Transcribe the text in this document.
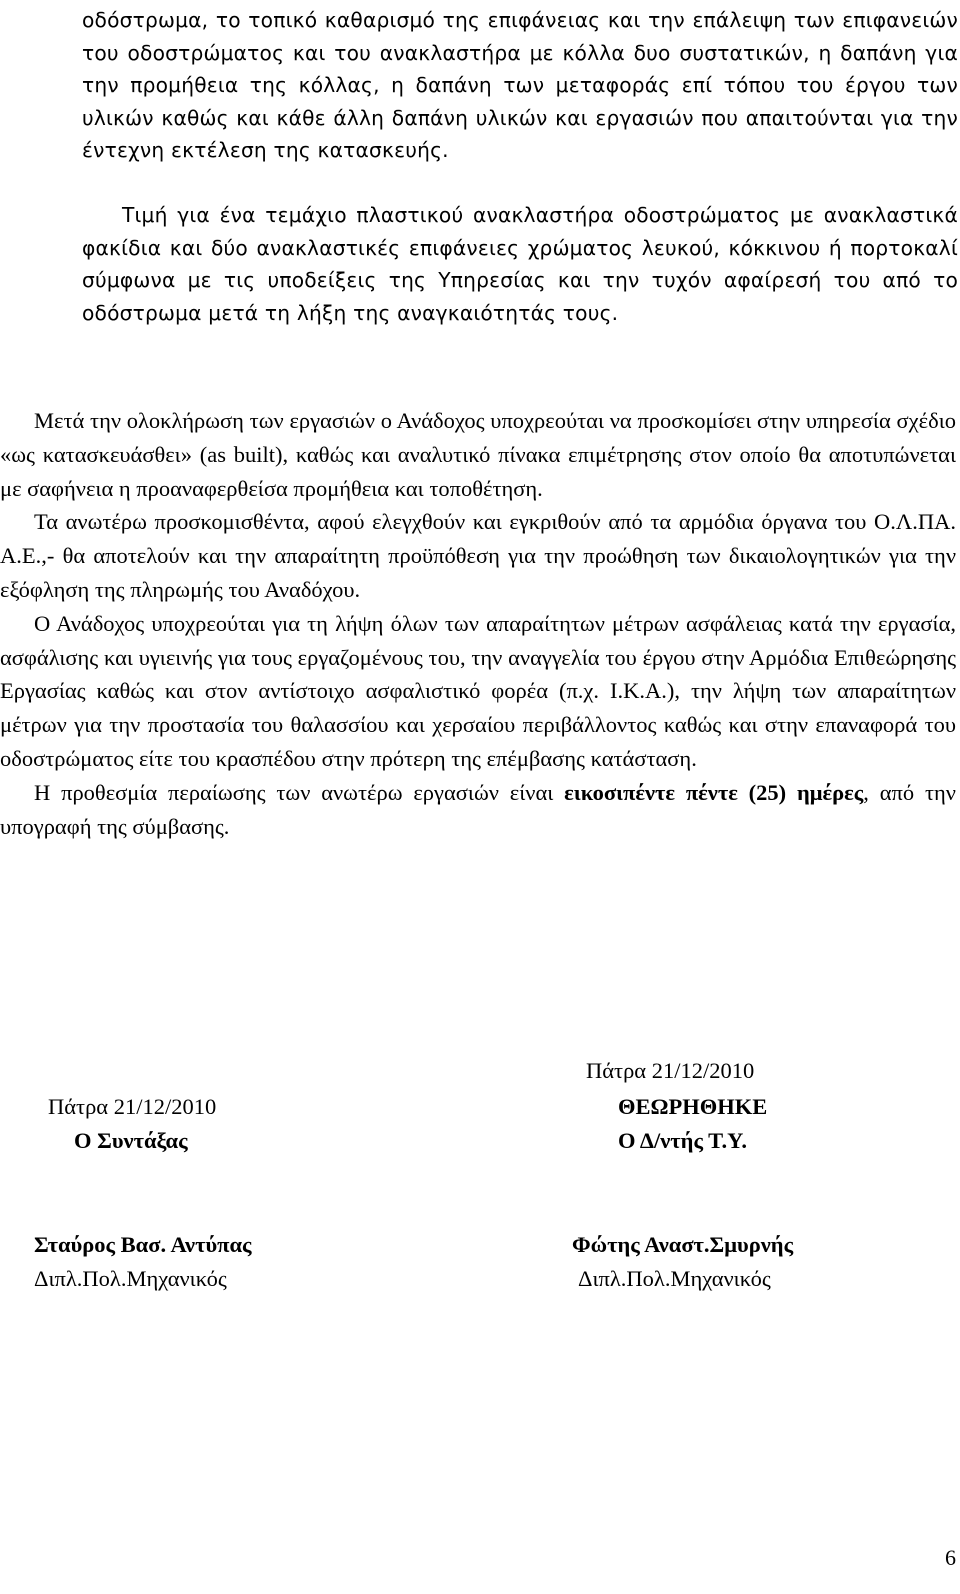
οδόστρωμα, το τοπικό καθαρισμό της επιφάνειας και την επάλειψη των επιφανειών του οδοστρώματος και του ανακλαστήρα με κόλλα δυο συστατικών, η δαπάνη για την προμήθεια της κόλλας, η δαπάνη των μεταφοράς επί τόπου του έργου των υλικών καθώς και κάθε άλλη δαπάνη υλικών και εργασιών που απαιτούνται για την έντεχνη εκτέλεση της κατασκευής.
Τιμή για ένα τεμάχιο πλαστικού ανακλαστήρα οδοστρώματος με ανακλαστικά φακίδια και δύο ανακλαστικές επιφάνειες χρώματος λευκού, κόκκινου ή πορτοκαλί σύμφωνα με τις υποδείξεις της Υπηρεσίας και την τυχόν αφαίρεσή του από το οδόστρωμα μετά τη λήξη της αναγκαιότητάς τους.

Μετά την ολοκλήρωση των εργασιών ο Ανάδοχος υποχρεούται να προσκομίσει στην υπηρεσία σχέδιο «ως κατασκευάσθει» (as built), καθώς και αναλυτικό πίνακα επιμέτρησης στον οποίο θα αποτυπώνεται με σαφήνεια η προαναφερθείσα προμήθεια και τοποθέτηση.

Τα ανωτέρω προσκομισθέντα, αφού ελεγχθούν και εγκριθούν από τα αρμόδια όργανα του Ο.Λ.ΠΑ. Α.Ε.,- θα αποτελούν και την απαραίτητη προϋπόθεση για την προώθηση των δικαιολογητικών για την εξόφληση της πληρωμής του Αναδόχου.

Ο Ανάδοχος υποχρεούται για τη λήψη όλων των απαραίτητων μέτρων ασφάλειας κατά την εργασία, ασφάλισης και υγιεινής για τους εργαζομένους του, την αναγγελία του έργου στην Αρμόδια Επιθεώρησης Εργασίας καθώς και στον αντίστοιχο ασφαλιστικό φορέα (π.χ. Ι.Κ.Α.), την λήψη των απαραίτητων μέτρων για την προστασία του θαλασσίου και χερσαίου περιβάλλοντος καθώς και στην επαναφορά του οδοστρώματος είτε του κρασπέδου στην πρότερη της επέμβασης κατάσταση.

Η προθεσμία περαίωσης των ανωτέρω εργασιών είναι εικοσιπέντε πέντε (25) ημέρες, από την υπογραφή της σύμβασης.

Πάτρα 21/12/2010
Πάτρα 21/12/2010	ΘΕΩΡΗΘΗΚΕ
Ο Συντάξας	Ο Δ/ντής Τ.Υ.
Σταύρος Βασ. Αντύπας	Φώτης Αναστ.Σμυρνής
Διπλ.Πολ.Μηχανικός	Διπλ.Πολ.Μηχανικός
6
